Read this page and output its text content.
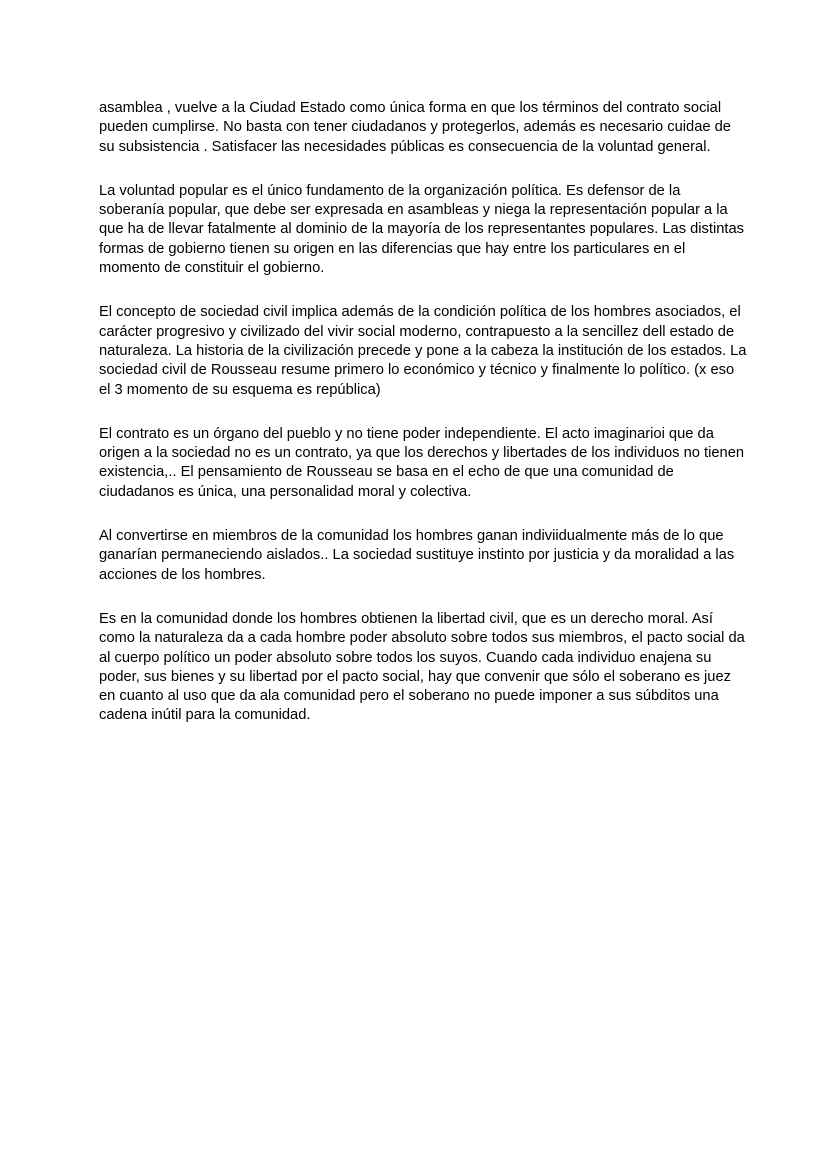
asamblea , vuelve a la Ciudad Estado como única forma en que los términos del contrato social pueden cumplirse. No basta con tener ciudadanos y protegerlos, además es necesario cuidae de su subsistencia . Satisfacer las necesidades públicas es consecuencia de la voluntad general.

La voluntad popular es el único fundamento de la organización política. Es defensor de la soberanía popular, que debe ser expresada en asambleas y niega la representación popular a la que ha de llevar fatalmente al dominio de la mayoría de los representantes populares. Las distintas formas de gobierno tienen su origen en las diferencias que hay entre los particulares en el momento de constituir el gobierno.

El concepto de sociedad civil implica además de la condición política de los hombres asociados, el carácter progresivo y civilizado del vivir social moderno, contrapuesto a la sencillez dell estado de naturaleza. La historia de la civilización precede y pone a la cabeza la institución de los estados. La sociedad civil de Rousseau resume primero lo económico y técnico y finalmente lo político. (x eso el 3 momento de su esquema es república)

El contrato es un órgano del pueblo y no tiene poder independiente. El acto imaginarioi que da origen a la sociedad no es un contrato, ya que los derechos y libertades de los individuos no tienen existencia,.. El pensamiento de Rousseau se basa en el echo de que una comunidad de ciudadanos es única, una personalidad moral y colectiva.

Al convertirse en miembros de la comunidad los hombres ganan indiviidualmente más de lo que ganarían permaneciendo aislados.. La sociedad sustituye instinto por justicia y da moralidad a las acciones de los hombres.

Es en la comunidad donde los hombres obtienen la libertad civil, que es un derecho moral. Así como la naturaleza da a cada hombre poder absoluto sobre todos sus miembros, el pacto social da al cuerpo político un poder absoluto sobre todos los suyos. Cuando cada individuo enajena su poder, sus bienes y su libertad por el pacto social, hay que convenir que sólo el soberano es juez en cuanto al uso que da ala comunidad pero el soberano no puede imponer a sus súbditos una cadena inútil para la comunidad.
